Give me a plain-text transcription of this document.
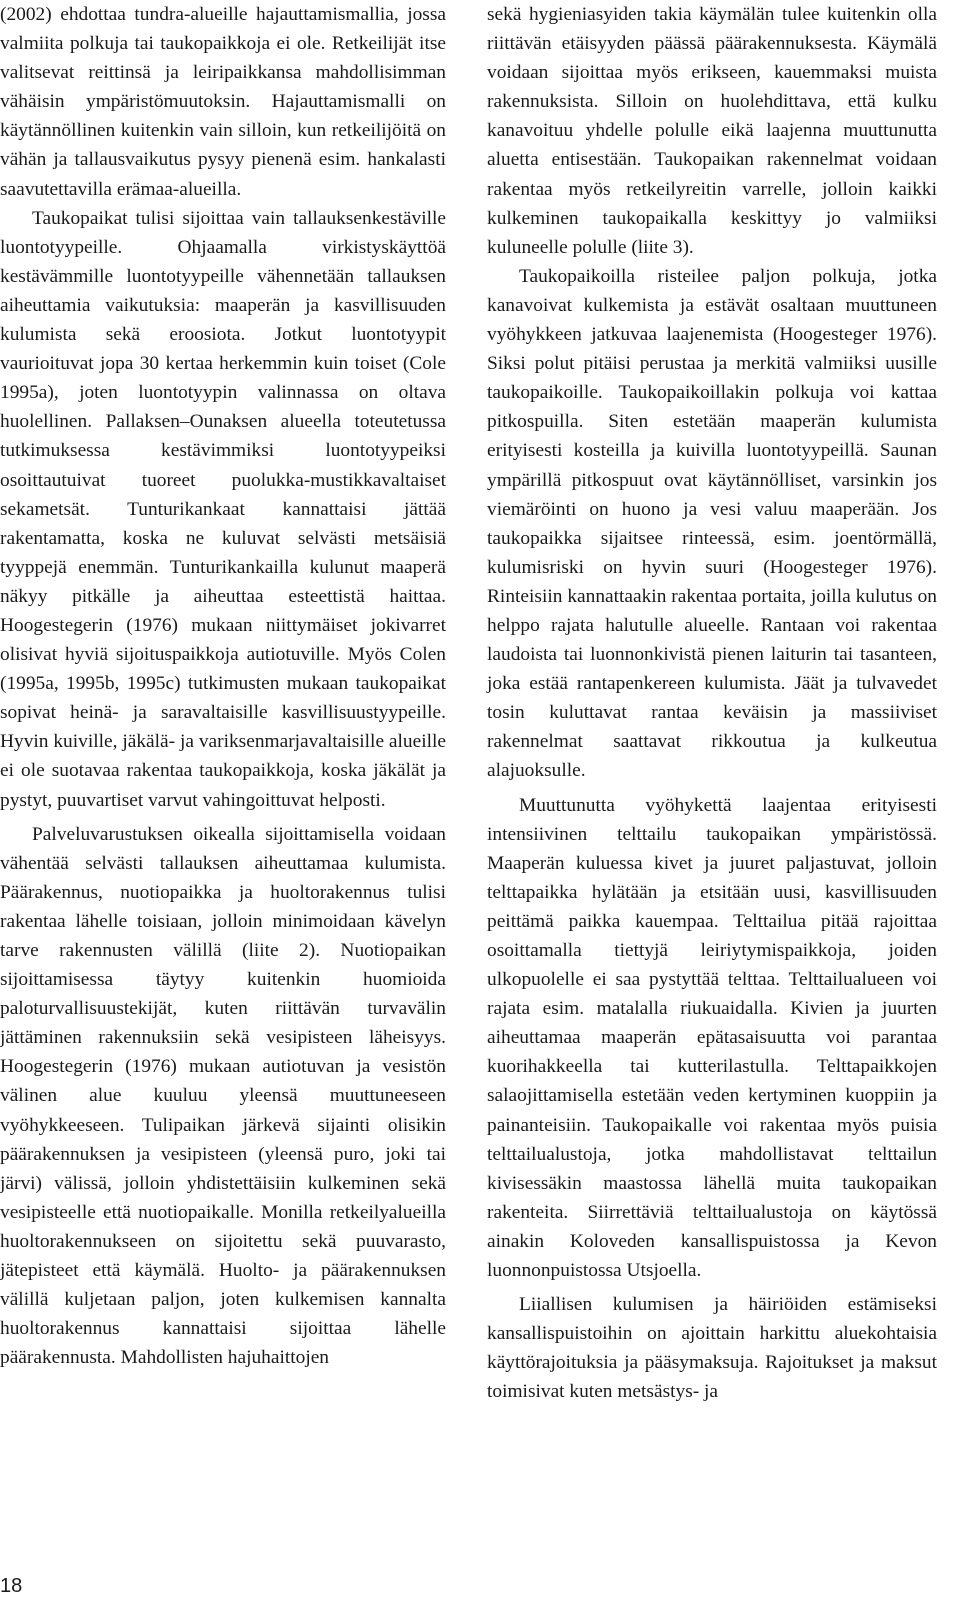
(2002) ehdottaa tundra-alueille hajauttamismallia, jossa valmiita polkuja tai taukopaikkoja ei ole. Retkeilijät itse valitsevat reittinsä ja leiripaikkansa mahdollisimman vähäisin ympäristömuutoksin. Hajauttamismalli on käytännöllinen kuitenkin vain silloin, kun retkeilijöitä on vähän ja tallausvaikutus pysyy pienenä esim. hankalasti saavutettavilla erämaa-alueilla.

Taukopaikat tulisi sijoittaa vain tallauksenkestäville luontotyypeille. Ohjaamalla virkistyskäyttöä kestävämmille luontotyypeille vähennetään tallauksen aiheuttamia vaikutuksia: maaperän ja kasvillisuuden kulumista sekä eroosiota. Jotkut luontotyypit vaurioituvat jopa 30 kertaa herkemmin kuin toiset (Cole 1995a), joten luontotyypin valinnassa on oltava huolellinen. Pallaksen–Ounaksen alueella toteutetussa tutkimuksessa kestävimmiksi luontotyypeiksi osoittautuivat tuoreet puolukka-mustikkavaltaiset sekametsät. Tunturikankaat kannattaisi jättää rakentamatta, koska ne kuluvat selvästi metsäisiä tyyppejä enemmän. Tunturikankailla kulunut maaperä näkyy pitkälle ja aiheuttaa esteettistä haittaa. Hoogestegerin (1976) mukaan niittymäiset jokivarret olisivat hyviä sijoituspaikkoja autiotuville. Myös Colen (1995a, 1995b, 1995c) tutkimusten mukaan taukopaikat sopivat heinä- ja saravaltaisille kasvillisuustyypeille. Hyvin kuiville, jäkälä- ja variksenmarjavaltaisille alueille ei ole suotavaa rakentaa taukopaikkoja, koska jäkälät ja pystyt, puuvartiset varvut vahingoittuvat helposti.

Palveluvarustuksen oikealla sijoittamisella voidaan vähentää selvästi tallauksen aiheuttamaa kulumista. Päärakennus, nuotiopaikka ja huoltorakennus tulisi rakentaa lähelle toisiaan, jolloin minimoidaan kävelyn tarve rakennusten välillä (liite 2). Nuotiopaikan sijoittamisessa täytyy kuitenkin huomioida paloturvallisuustekijät, kuten riittävän turvavälin jättäminen rakennuksiin sekä vesipisteen läheisyys. Hoogestegerin (1976) mukaan autiotuvan ja vesistön välinen alue kuuluu yleensä muuttuneeseen vyöhykkeeseen. Tulipaikan järkevä sijainti olisikin päärakennuksen ja vesipisteen (yleensä puro, joki tai järvi) välissä, jolloin yhdistettäisiin kulkeminen sekä vesipisteelle että nuotiopaikalle. Monilla retkeilyalueilla huoltorakennukseen on sijoitettu sekä puuvarasto, jätepisteet että käymälä. Huolto- ja päärakennuksen välillä kuljetaan paljon, joten kulkemisen kannalta huoltorakennus kannattaisi sijoittaa lähelle päärakennusta. Mahdollisten hajuhaittojen

sekä hygieniasyiden takia käymälän tulee kuitenkin olla riittävän etäisyyden päässä päärakennuksesta. Käymälä voidaan sijoittaa myös erikseen, kauemmaksi muista rakennuksista. Silloin on huolehdittava, että kulku kanavoituu yhdelle polulle eikä laajenna muuttunutta aluetta entisestään. Taukopaikan rakennelmat voidaan rakentaa myös retkeilyreitin varrelle, jolloin kaikki kulkeminen taukopaikalla keskittyy jo valmiiksi kuluneelle polulle (liite 3).

Taukopaikoilla risteilee paljon polkuja, jotka kanavoivat kulkemista ja estävät osaltaan muuttuneen vyöhykkeen jatkuvaa laajenemista (Hoogesteger 1976). Siksi polut pitäisi perustaa ja merkitä valmiiksi uusille taukopaikoille. Taukopaikoillakin polkuja voi kattaa pitkospuilla. Siten estetään maaperän kulumista erityisesti kosteilla ja kuivilla luontotyypeillä. Saunan ympärillä pitkospuut ovat käytännölliset, varsinkin jos viemäröinti on huono ja vesi valuu maaperään. Jos taukopaikka sijaitsee rinteessä, esim. joentörmällä, kulumisriski on hyvin suuri (Hoogesteger 1976). Rinteisiin kannattaakin rakentaa portaita, joilla kulutus on helppo rajata halutulle alueelle. Rantaan voi rakentaa laudoista tai luonnonkivistä pienen laiturin tai tasanteen, joka estää rantapenkereen kulumista. Jäät ja tulvavedet tosin kuluttavat rantaa keväisin ja massiiviset rakennelmat saattavat rikkoutua ja kulkeutua alajuoksulle.

Muuttunutta vyöhykettä laajentaa erityisesti intensiivinen telttailu taukopaikan ympäristössä. Maaperän kuluessa kivet ja juuret paljastuvat, jolloin telttapaikka hylätään ja etsitään uusi, kasvillisuuden peittämä paikka kauempaa. Telttailua pitää rajoittaa osoittamalla tiettyjä leiriytymispaikkoja, joiden ulkopuolelle ei saa pystyttää telttaa. Telttailualueen voi rajata esim. matalalla riukuaidalla. Kivien ja juurten aiheuttamaa maaperän epätasaisuutta voi parantaa kuorihakkeella tai kutterilastulla. Telttapaikkojen salaojittamisella estetään veden kertyminen kuoppiin ja painanteisiin. Taukopaikalle voi rakentaa myös puisia telttailualustoja, jotka mahdollistavat telttailun kivisessäkin maastossa lähellä muita taukopaikan rakenteita. Siirrettäviä telttailualustoja on käytössä ainakin Koloveden kansallispuistossa ja Kevon luonnonpuistossa Utsjoella.

Liiallisen kulumisen ja häiriöiden estämiseksi kansallispuistoihin on ajoittain harkittu aluekohtaisia käyttörajoituksia ja pääsymaksuja. Rajoitukset ja maksut toimisivat kuten metsästys- ja

18
